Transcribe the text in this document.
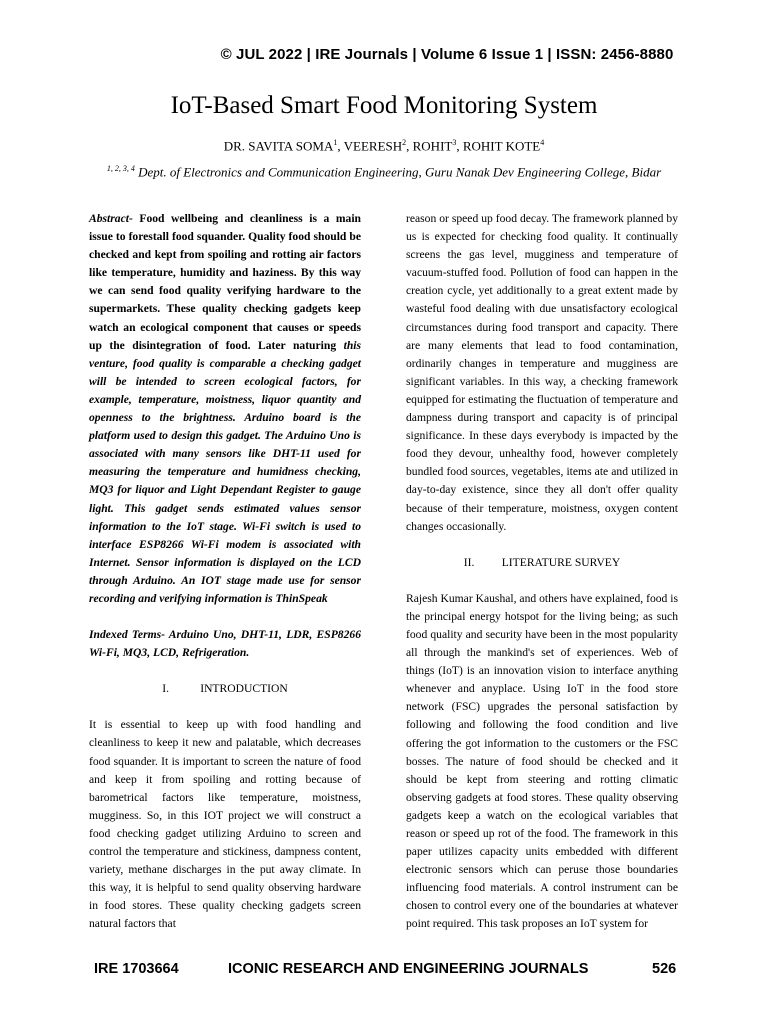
© JUL 2022 | IRE Journals | Volume 6 Issue 1 | ISSN: 2456-8880
IoT-Based Smart Food Monitoring System
DR. SAVITA SOMA$^1$, VEERESH$^2$, ROHIT$^3$, ROHIT KOTE$^4$
$^{1, 2, 3, 4}$ Dept. of Electronics and Communication Engineering, Guru Nanak Dev Engineering College, Bidar

Abstract- Food wellbeing and cleanliness is a main issue to forestall food squander. Quality food should be checked and kept from spoiling and rotting air factors like temperature, humidity and haziness. By this way we can send food quality verifying hardware to the supermarkets. These quality checking gadgets keep watch an ecological component that causes or speeds up the disintegration of food. Later naturing this venture, food quality is comparable a checking gadget will be intended to screen ecological factors, for example, temperature, moistness, liquor quantity and openness to the brightness. Arduino board is the platform used to design this gadget. The Arduino Uno is associated with many sensors like DHT-11 used for measuring the temperature and humidness checking, MQ3 for liquor and Light Dependant Register to gauge light. This gadget sends estimated values sensor information to the IoT stage. Wi-Fi switch is used to interface ESP8266 Wi-Fi modem is associated with Internet. Sensor information is displayed on the LCD through Arduino. An IOT stage made use for sensor recording and verifying information is ThinSpeak

Indexed Terms- Arduino Uno, DHT-11, LDR, ESP8266 Wi-Fi, MQ3, LCD, Refrigeration.

I.	INTRODUCTION

It is essential to keep up with food handling and cleanliness to keep it new and palatable, which decreases food squander. It is important to screen the nature of food and keep it from spoiling and rotting because of barometrical factors like temperature, moistness, mugginess. So, in this IOT project we will construct a food checking gadget utilizing Arduino to screen and control the temperature and stickiness, dampness content, variety, methane discharges in the put away climate. In this way, it is helpful to send quality observing hardware in food stores. These quality checking gadgets screen natural factors that

reason or speed up food decay. The framework planned by us is expected for checking food quality. It continually screens the gas level, mugginess and temperature of vacuum-stuffed food. Pollution of food can happen in the creation cycle, yet additionally to a great extent made by wasteful food dealing with due unsatisfactory ecological circumstances during food transport and capacity. There are many elements that lead to food contamination, ordinarily changes in temperature and mugginess are significant variables. In this way, a checking framework equipped for estimating the fluctuation of temperature and dampness during transport and capacity is of principal significance. In these days everybody is impacted by the food they devour, unhealthy food, however completely bundled food sources, vegetables, items ate and utilized in day-to-day existence, since they all don't offer quality because of their temperature, moistness, oxygen content changes occasionally.

II. LITERATURE SURVEY

Rajesh Kumar Kaushal, and others have explained, food is the principal energy hotspot for the living being; as such food quality and security have been in the most popularity all through the mankind's set of experiences. Web of things (IoT) is an innovation vision to interface anything whenever and anyplace. Using IoT in the food store network (FSC) upgrades the personal satisfaction by following and following the food condition and live offering the got information to the customers or the FSC bosses. The nature of food should be checked and it should be kept from steering and rotting climatic observing gadgets at food stores. These quality observing gadgets keep a watch on the ecological variables that reason or speed up rot of the food. The framework in this paper utilizes capacity units embedded with different electronic sensors which can peruse those boundaries influencing food materials. A control instrument can be chosen to control every one of the boundaries at whatever point required. This task proposes an IoT system for

IRE 1703664	ICONIC RESEARCH AND ENGINEERING JOURNALS	526
